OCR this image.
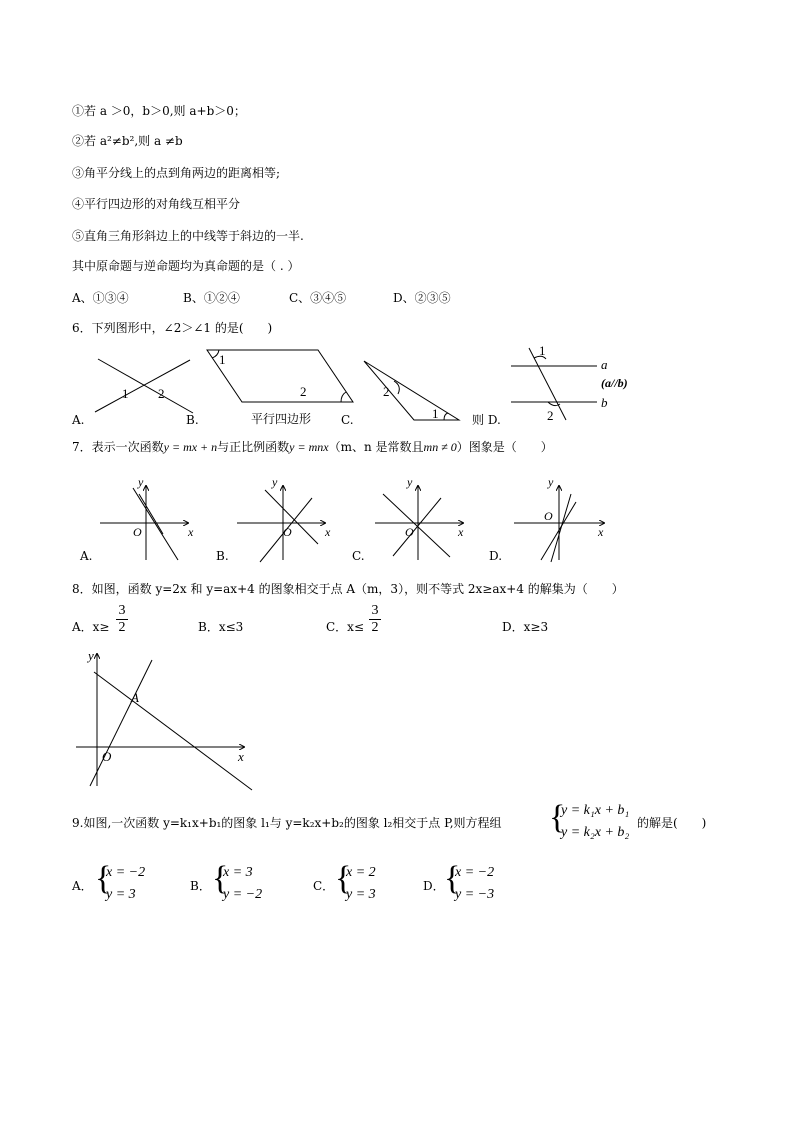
①若 a ＞0，b＞0,则 a+b＞0；
②若 a²≠b²,则 a ≠b
③角平分线上的点到角两边的距离相等;
④平行四边形的对角线互相平分
⑤直角三角形斜边上的中线等于斜边的一半.
其中原命题与逆命题均为真命题的是（ . ）
A、①③④	B、①②④	C、③④⑤	D、②③⑤
6．下列图形中，∠2＞∠1 的是(　　)
1 2
1
2	2
1
1
2
a
(a//b)
b
A.	B.	平行四边形 C.	则 D.
7．表示一次函数y = mx + n与正比例函数y = mnx（m、n 是常数且mn ≠ 0）图象是（　　）
y
x
O
y
x
O
y
x
O
y
x
O
A.	B.	C.	D.
8．如图，函数 y=2x 和 y=ax+4 的图象相交于点 A（m，3），则不等式 2x≥ax+4 的解集为（　　）
A．$x\ge \frac{3}{2}$	B．x≤3	C．$x\le \frac{3}{2}$	D．x≥3
y
x
O
A
9.如图,一次函数 y=k₁x+b₁的图象 l₁与 y=k₂x+b₂的图象 l₂相交于点 P,则方程组 {
y = k₁x + b₁
y = k₂x + b₂
的解是(　　)
A． {
x = −2
y = 3
B． {
x = 3
y = −2
C． {
x = 2
y = 3
D． {
x = −2
y = −3
